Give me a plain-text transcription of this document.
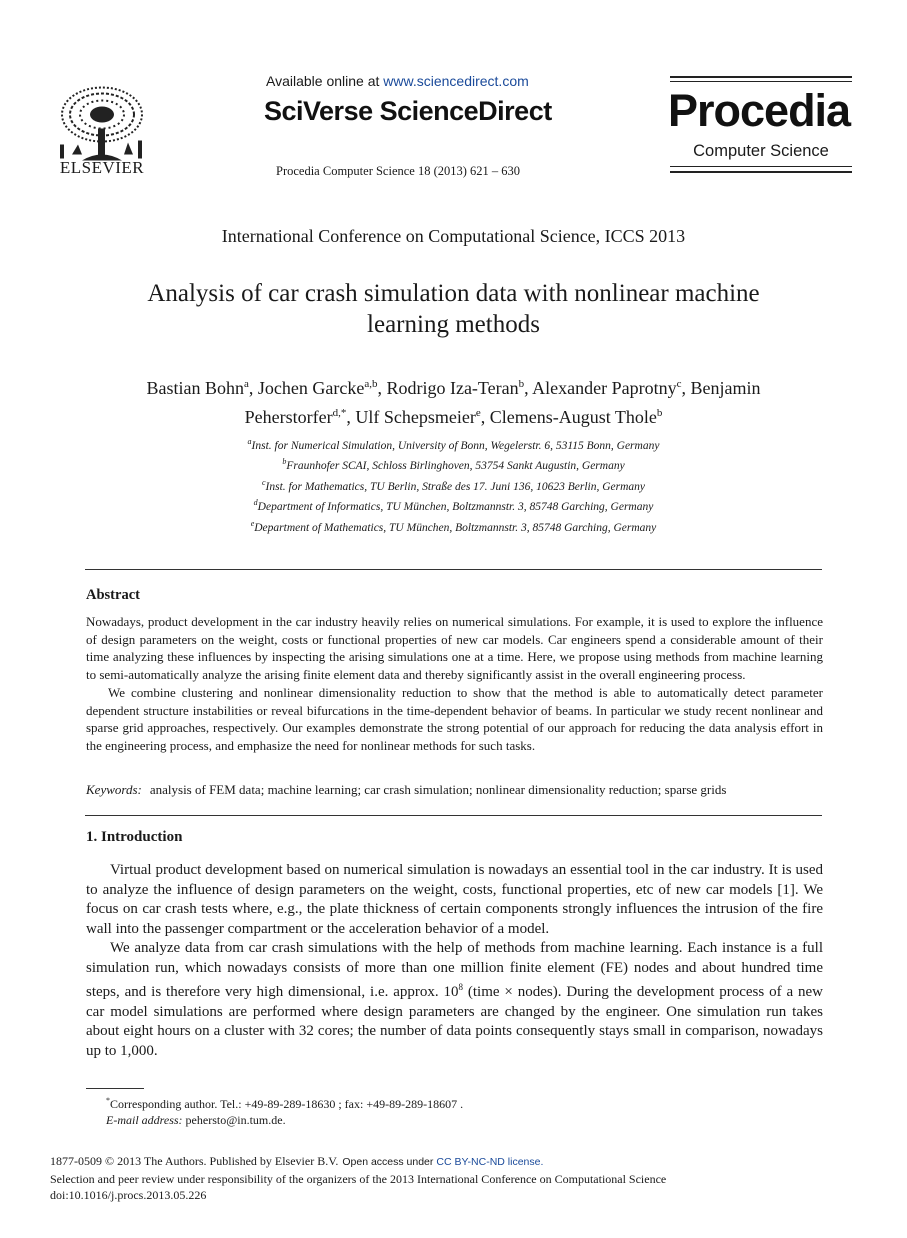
ELSEVIER
Available online at www.sciencedirect.com
SciVerse ScienceDirect
Procedia Computer Science 18 (2013) 621 – 630
Procedia
Computer Science
International Conference on Computational Science, ICCS 2013
Analysis of car crash simulation data with nonlinear machine
learning methods
Bastian Bohn$^a$, Jochen Garcke$^{a,b}$, Rodrigo Iza-Teran$^b$, Alexander Paprotny$^c$, Benjamin
Peherstorfer$^{d,*}$, Ulf Schepsmeier$^e$, Clemens-August Thole$^b$
$^a$Inst. for Numerical Simulation, University of Bonn, Wegelerstr. 6, 53115 Bonn, Germany
$^b$Fraunhofer SCAI, Schloss Birlinghoven, 53754 Sankt Augustin, Germany
$^c$Inst. for Mathematics, TU Berlin, Straße des 17. Juni 136, 10623 Berlin, Germany
$^d$Department of Informatics, TU München, Boltzmannstr. 3, 85748 Garching, Germany
$^e$Department of Mathematics, TU München, Boltzmannstr. 3, 85748 Garching, Germany
Abstract

Nowadays, product development in the car industry heavily relies on numerical simulations. For example, it is used to explore the influence of design parameters on the weight, costs or functional properties of new car models. Car engineers spend a considerable amount of their time analyzing these influences by inspecting the arising simulations one at a time. Here, we propose using methods from machine learning to semi-automatically analyze the arising finite element data and thereby significantly assist in the overall engineering process.

We combine clustering and nonlinear dimensionality reduction to show that the method is able to automatically detect parameter dependent structure instabilities or reveal bifurcations in the time-dependent behavior of beams. In particular we study recent nonlinear and sparse grid approaches, respectively. Our examples demonstrate the strong potential of our approach for reducing the data analysis effort in the engineering process, and emphasize the need for nonlinear methods for such tasks.

Keywords: analysis of FEM data; machine learning; car crash simulation; nonlinear dimensionality reduction; sparse grids
1. Introduction

Virtual product development based on numerical simulation is nowadays an essential tool in the car industry. It is used to analyze the influence of design parameters on the weight, costs, functional properties, etc of new car models [1]. We focus on car crash tests where, e.g., the plate thickness of certain components strongly influences the intrusion of the fire wall into the passenger compartment or the acceleration behavior of a model.

We analyze data from car crash simulations with the help of methods from machine learning. Each instance is a full simulation run, which nowadays consists of more than one million finite element (FE) nodes and about hundred time steps, and is therefore very high dimensional, i.e. approx. $10^8$ (time × nodes). During the development process of a new car model simulations are performed where design parameters are changed by the engineer. One simulation run takes about eight hours on a cluster with 32 cores; the number of data points consequently stays small in comparison, nowadays up to 1,000.

*Corresponding author. Tel.: +49-89-289-18630 ; fax: +49-89-289-18607 .
E-mail address: pehersto@in.tum.de.
1877-0509 © 2013 The Authors. Published by Elsevier B.V. Open access under CC BY-NC-ND license.
Selection and peer review under responsibility of the organizers of the 2013 International Conference on Computational Science
doi:10.1016/j.procs.2013.05.226
